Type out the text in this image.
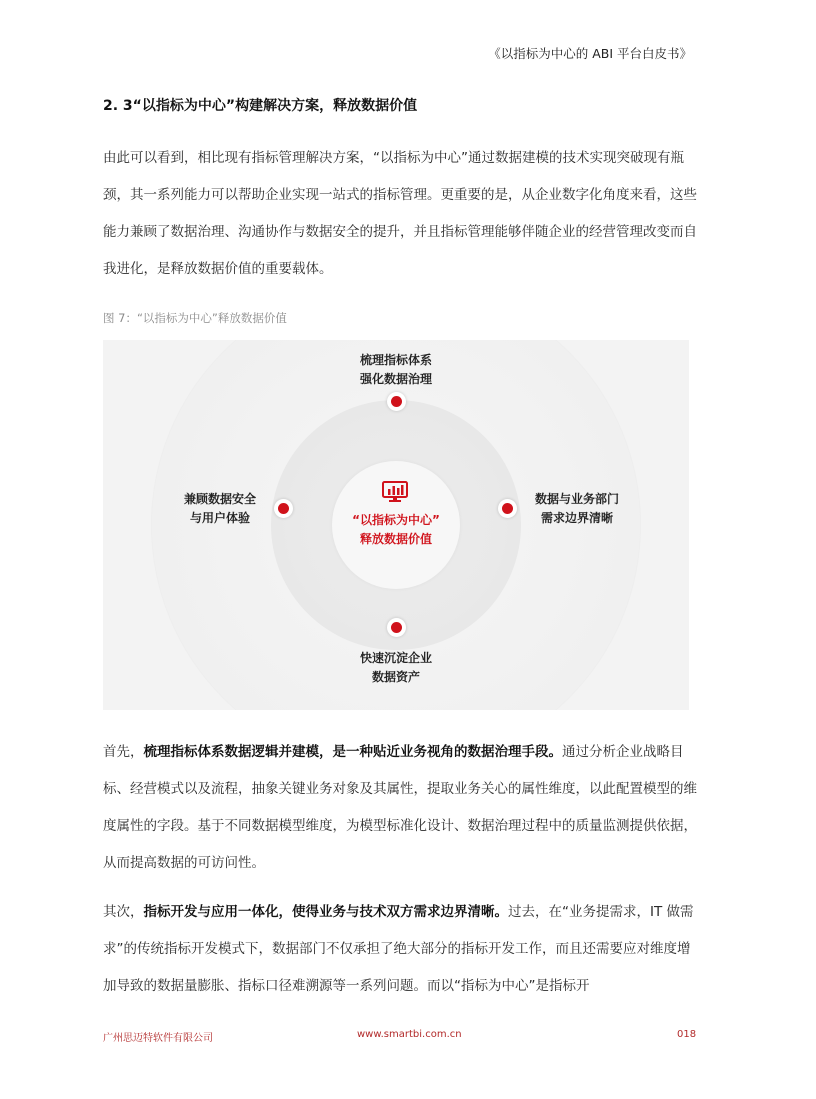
《以指标为中心的 ABI 平台白皮书》
2. 3“以指标为中心”构建解决方案，释放数据价值

由此可以看到，相比现有指标管理解决方案，“以指标为中心”通过数据建模的技术实现突破现有瓶颈，其一系列能力可以帮助企业实现一站式的指标管理。更重要的是，从企业数字化角度来看，这些能力兼顾了数据治理、沟通协作与数据安全的提升，并且指标管理能够伴随企业的经营管理改变而自我进化，是释放数据价值的重要载体。

图 7：“以指标为中心”释放数据价值
“以指标为中心”
释放数据价值
梳理指标体系
强化数据治理
兼顾数据安全
与用户体验
数据与业务部门
需求边界清晰
快速沉淀企业
数据资产

首先，梳理指标体系数据逻辑并建模，是一种贴近业务视角的数据治理手段。通过分析企业战略目标、经营模式以及流程，抽象关键业务对象及其属性，提取业务关心的属性维度，以此配置模型的维度属性的字段。基于不同数据模型维度，为模型标准化设计、数据治理过程中的质量监测提供依据，从而提高数据的可访问性。

其次，指标开发与应用一体化，使得业务与技术双方需求边界清晰。过去，在“业务提需求，IT 做需求”的传统指标开发模式下，数据部门不仅承担了绝大部分的指标开发工作，而且还需要应对维度增加导致的数据量膨胀、指标口径难溯源等一系列问题。而以“指标为中心”是指标开

广州思迈特软件有限公司	www.smartbi.com.cn	018
